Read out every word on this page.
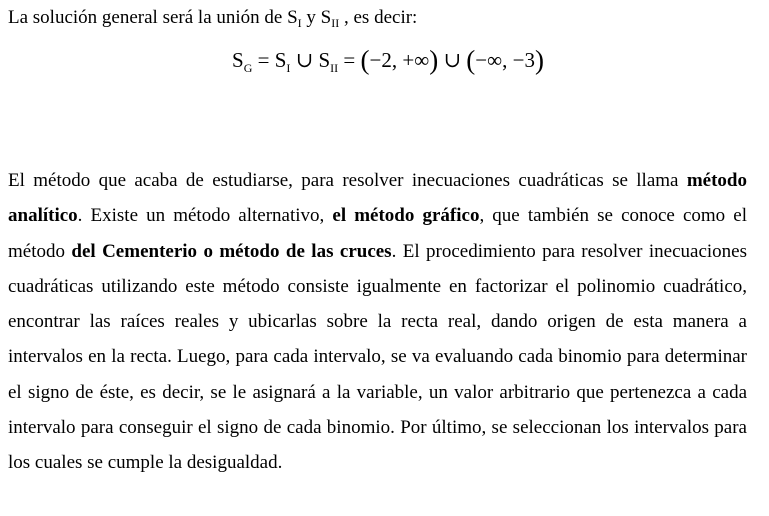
La solución general será la unión de $S_I$ y $S_{II}$ , es decir:
$S_G = S_I$ ∪ $S_{II} = (-2$, +∞) ∪ (−∞, −3)

El método que acaba de estudiarse, para resolver inecuaciones cuadráticas se llama método analítico. Existe un método alternativo, el método gráfico, que también se conoce como el método del Cementerio o método de las cruces. El procedimiento para resolver inecuaciones cuadráticas utilizando este método consiste igualmente en factorizar el polinomio cuadrático, encontrar las raíces reales y ubicarlas sobre la recta real, dando origen de esta manera a intervalos en la recta. Luego, para cada intervalo, se va evaluando cada binomio para determinar el signo de éste, es decir, se le asignará a la variable, un valor arbitrario que pertenezca a cada intervalo para conseguir el signo de cada binomio. Por último, se seleccionan los intervalos para los cuales se cumple la desigualdad.
